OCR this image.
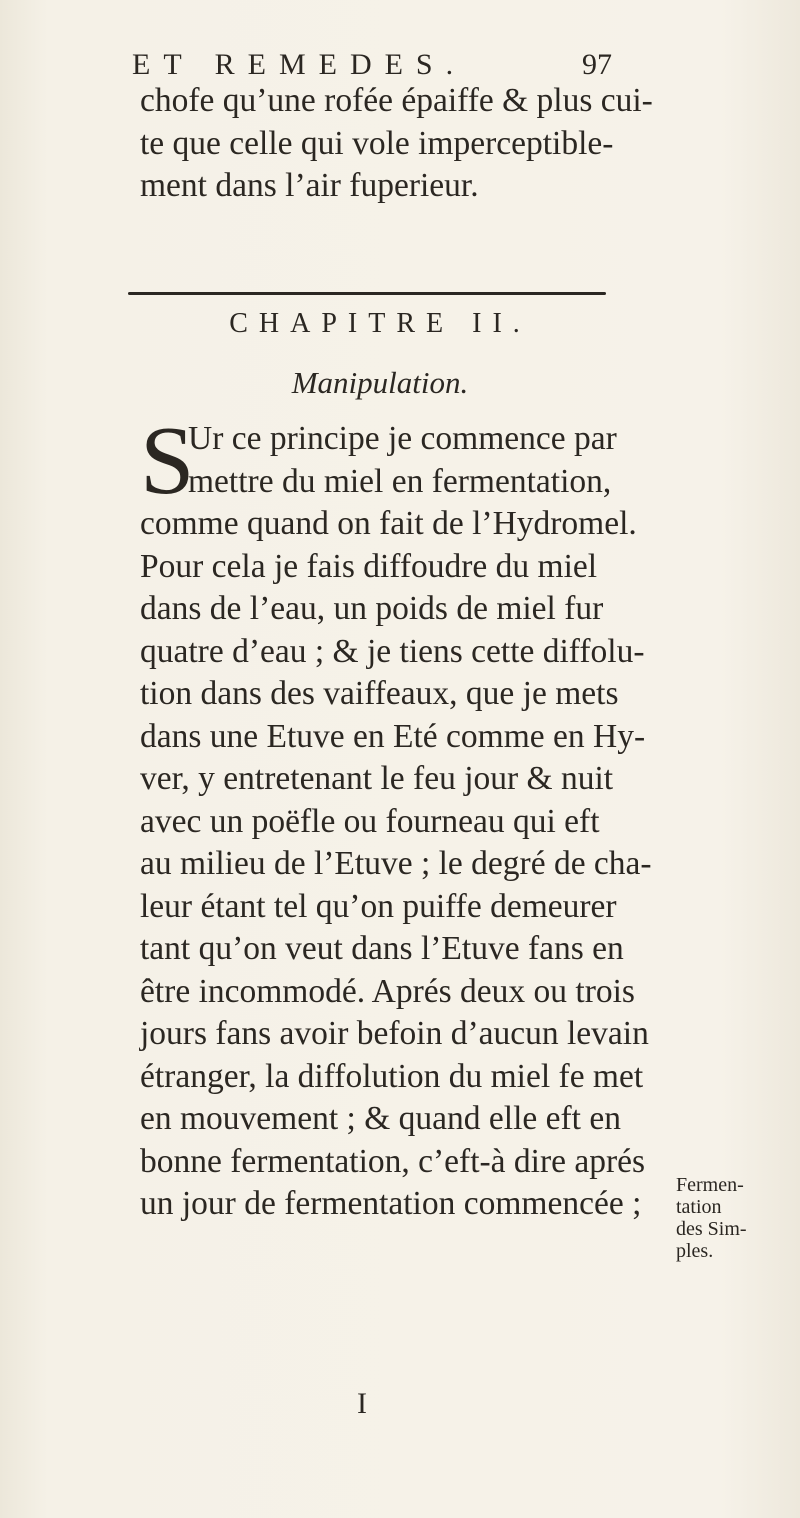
ET REMEDES.	97
chofe qu’une rofée épaiffe & plus cui-
te que celle qui vole imperceptible-
ment dans l’air fuperieur.
CHAPITRE II.
Manipulation.
S
Ur ce principe je commence par
mettre du miel en fermentation,
comme quand on fait de l’Hydromel.
Pour cela je fais diffoudre du miel
dans de l’eau, un poids de miel fur
quatre d’eau ; & je tiens cette diffolu-
tion dans des vaiffeaux, que je mets
dans une Etuve en Eté comme en Hy-
ver, y entretenant le feu jour & nuit
avec un poëfle ou fourneau qui eft
au milieu de l’Etuve ; le degré de cha-
leur étant tel qu’on puiffe demeurer
tant qu’on veut dans l’Etuve fans en
être incommodé. Aprés deux ou trois
jours fans avoir befoin d’aucun levain
étranger, la diffolution du miel fe met
en mouvement ; & quand elle eft en
bonne fermentation, c’eft-à dire aprés
un jour de fermentation commencée ; Fermen-
tation
des Sim-
ples.
I
